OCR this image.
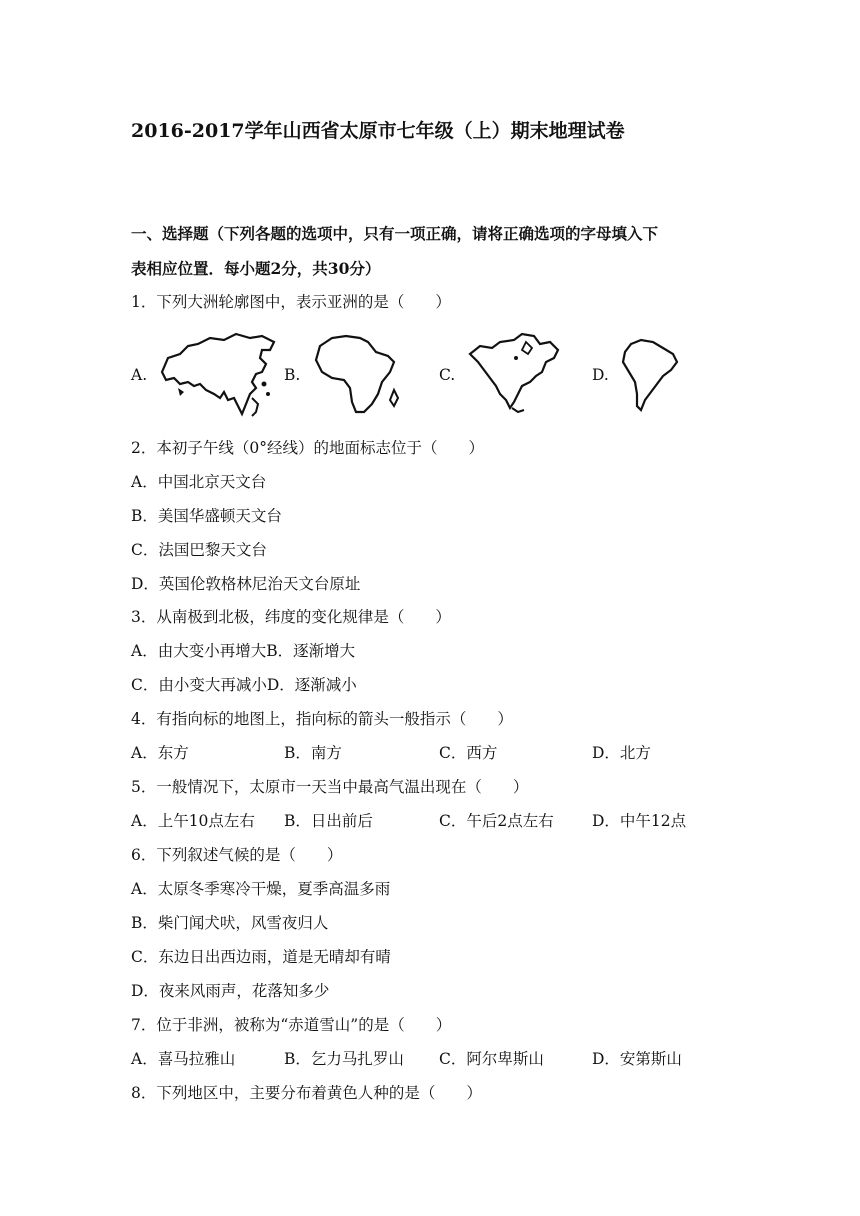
2016-2017学年山西省太原市七年级（上）期末地理试卷
一、选择题（下列各题的选项中，只有一项正确，请将正确选项的字母填入下
表相应位置．每小题2分，共30分）
1．下列大洲轮廓图中，表示亚洲的是（　　）
A.	B.	C.	D.
2．本初子午线（0°经线）的地面标志位于（　　）
A．中国北京天文台
B．美国华盛顿天文台
C．法国巴黎天文台
D．英国伦敦格林尼治天文台原址
3．从南极到北极，纬度的变化规律是（　　）
A．由大变小再增大B．逐渐增大
C．由小变大再减小D．逐渐减小
4．有指向标的地图上，指向标的箭头一般指示（　　）
A．东方	B．南方	C．西方	D．北方
5．一般情况下，太原市一天当中最高气温出现在（　　）
A．上午10点左右 B．日出前后	C．午后2点左右 D．中午12点
6．下列叙述气候的是（　　）
A．太原冬季寒冷干燥，夏季高温多雨
B．柴门闻犬吠，风雪夜归人
C．东边日出西边雨，道是无晴却有晴
D．夜来风雨声，花落知多少
7．位于非洲，被称为“赤道雪山”的是（　　）
A．喜马拉雅山	B．乞力马扎罗山 C．阿尔卑斯山	D．安第斯山
8．下列地区中，主要分布着黄色人种的是（　　）
